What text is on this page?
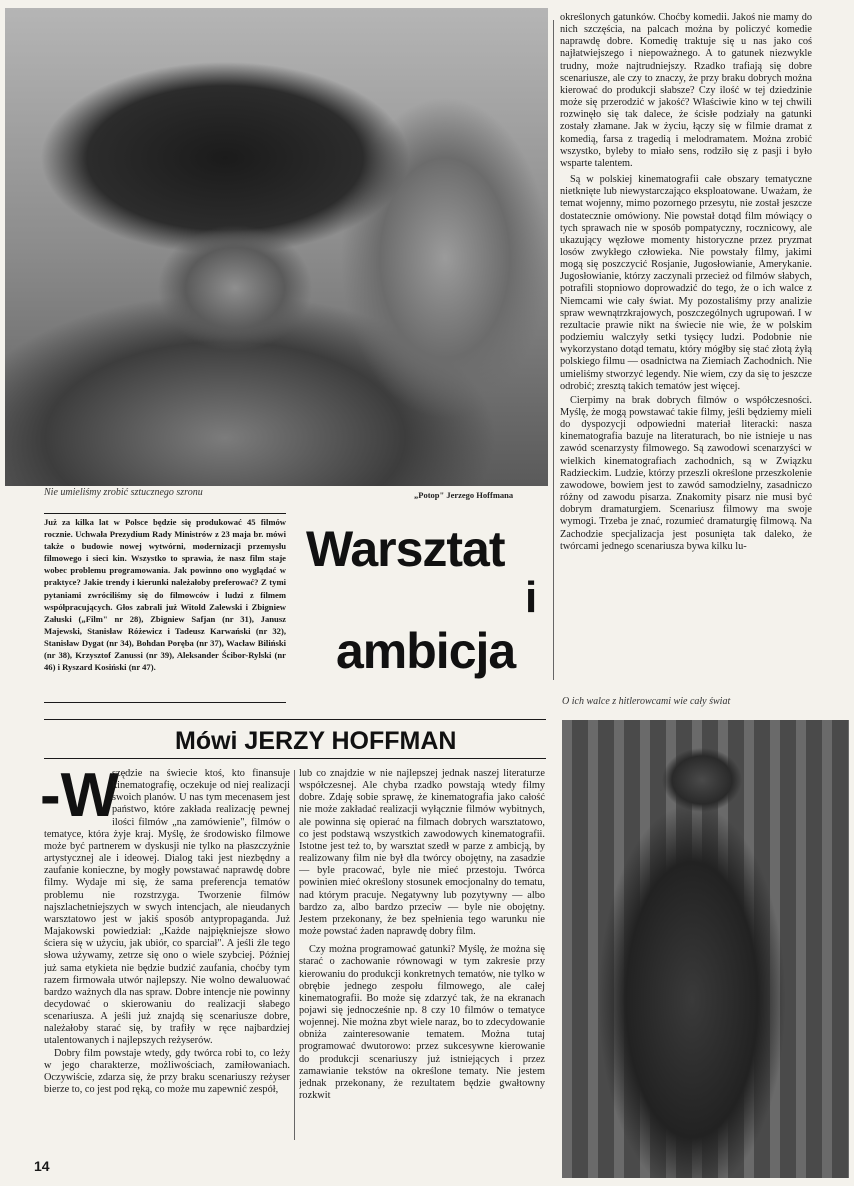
Nie umieliśmy zrobić sztucznego szronu	„Potop" Jerzego Hoffmana
Już za kilka lat w Polsce będzie się produkować 45 filmów rocznie. Uchwała Prezydium Rady Ministrów z 23 maja br. mówi także o budowie nowej wytwórni, modernizacji przemysłu filmowego i sieci kin. Wszystko to sprawia, że nasz film staje wobec problemu programowania. Jak powinno ono wyglądać w praktyce? Jakie trendy i kierunki należałoby preferować? Z tymi pytaniami zwróciliśmy się do filmowców i ludzi z filmem współpracujących. Głos zabrali już Witold Zalewski i Zbigniew Załuski („Film" nr 28), Zbigniew Safjan (nr 31), Janusz Majewski, Stanisław Różewicz i Tadeusz Karwański (nr 32), Stanisław Dygat (nr 34), Bohdan Poręba (nr 37), Wacław Biliński (nr 38), Krzysztof Zanussi (nr 39), Aleksander Ścibor-Rylski (nr 46) i Ryszard Kosiński (nr 47).
Warsztat
i
ambicja
Mówi JERZY HOFFMAN
-W

szędzie na świecie ktoś, kto finansuje kinematografię, oczekuje od niej realizacji swoich planów. U nas tym mecenasem jest państwo, które zakłada realizację pewnej ilości filmów „na zamówienie", filmów o tematyce, która żyje kraj. Myślę, że środowisko filmowe może być partnerem w dyskusji nie tylko na płaszczyźnie artystycznej ale i ideowej. Dialog taki jest niezbędny a zaufanie konieczne, by mogły powstawać naprawdę dobre filmy. Wydaje mi się, że sama preferencja tematów problemu nie rozstrzyga. Tworzenie filmów najszlachetniejszych w swych intencjach, ale nieudanych warsztatowo jest w jakiś sposób antypropaganda. Już Majakowski powiedział: „Każde najpiękniejsze słowo ściera się w użyciu, jak ubiór, co sparciał". A jeśli źle tego słowa używamy, zetrze się ono o wiele szybciej. Później już sama etykieta nie będzie budzić zaufania, choćby tym razem firmowała utwór najlepszy. Nie wolno dewaluować bardzo ważnych dla nas spraw. Dobre intencje nie powinny decydować o skierowaniu do realizacji słabego scenariusza. A jeśli już znajdą się scenariusze dobre, należałoby starać się, by trafiły w ręce najbardziej utalentowanych i najlepszych reżyserów.

Dobry film powstaje wtedy, gdy twórca robi to, co leży w jego charakterze, możliwościach, zamiłowaniach. Oczywiście, zdarza się, że przy braku scenariuszy reżyser bierze to, co jest pod ręką, co może mu zapewnić zespół,

lub co znajdzie w nie najlepszej jednak naszej literaturze współczesnej. Ale chyba rzadko powstają wtedy filmy dobre. Zdaję sobie sprawę, że kinematografia jako całość nie może zakładać realizacji wyłącznie filmów wybitnych, ale powinna się opierać na filmach dobrych warsztatowo, co jest podstawą wszystkich zawodowych kinematografii. Istotne jest też to, by warsztat szedł w parze z ambicją, by realizowany film nie był dla twórcy obojętny, na zasadzie — byle pracować, byle nie mieć przestoju. Twórca powinien mieć określony stosunek emocjonalny do tematu, nad którym pracuje. Negatywny lub pozytywny — albo bardzo za, albo bardzo przeciw — byle nie obojętny. Jestem przekonany, że bez spełnienia tego warunku nie może powstać żaden naprawdę dobry film.

Czy można programować gatunki? Myślę, że można się starać o zachowanie równowagi w tym zakresie przy kierowaniu do produkcji konkretnych tematów, nie tylko w obrębie jednego zespołu filmowego, ale całej kinematografii. Bo może się zdarzyć tak, że na ekranach pojawi się jednocześnie np. 8 czy 10 filmów o tematyce wojennej. Nie można zbyt wiele naraz, bo to zdecydowanie obniża zainteresowanie tematem. Można tutaj programować dwutorowo: przez sukcesywne kierowanie do produkcji scenariuszy już istniejących i przez zamawianie tekstów na określone tematy. Nie jestem jednak przekonany, że rezultatem będzie gwałtowny rozkwit

określonych gatunków. Choćby komedii. Jakoś nie mamy do nich szczęścia, na palcach można by policzyć komedie naprawdę dobre. Komedię traktuje się u nas jako coś najłatwiejszego i niepoważnego. A to gatunek niezwykle trudny, może najtrudniejszy. Rzadko trafiają się dobre scenariusze, ale czy to znaczy, że przy braku dobrych można kierować do produkcji słabsze? Czy ilość w tej dziedzinie może się przerodzić w jakość? Właściwie kino w tej chwili rozwinęło się tak dalece, że ścisłe podziały na gatunki zostały złamane. Jak w życiu, łączy się w filmie dramat z komedią, farsa z tragedią i melodramatem. Można zrobić wszystko, byleby to miało sens, rodziło się z pasji i było wsparte talentem.

Są w polskiej kinematografii całe obszary tematyczne nietknięte lub niewystarczająco eksploatowane. Uważam, że temat wojenny, mimo pozornego przesytu, nie został jeszcze dostatecznie omówiony. Nie powstał dotąd film mówiący o tych sprawach nie w sposób pompatyczny, rocznicowy, ale ukazujący węzłowe momenty historyczne przez pryzmat losów zwykłego człowieka. Nie powstały filmy, jakimi mogą się poszczycić Rosjanie, Jugosłowianie, Amerykanie. Jugosłowianie, którzy zaczynali przecież od filmów słabych, potrafili stopniowo doprowadzić do tego, że o ich walce z Niemcami wie cały świat. My pozostaliśmy przy analizie spraw wewnątrzkrajowych, poszczególnych ugrupowań. I w rezultacie prawie nikt na świecie nie wie, że w polskim podziemiu walczyły setki tysięcy ludzi. Podobnie nie wykorzystano dotąd tematu, który mógłby się stać złotą żyłą polskiego filmu — osadnictwa na Ziemiach Zachodnich. Nie umieliśmy stworzyć legendy. Nie wiem, czy da się to jeszcze odrobić; zresztą takich tematów jest więcej.

Cierpimy na brak dobrych filmów o współczesności. Myślę, że mogą powstawać takie filmy, jeśli będziemy mieli do dyspozycji odpowiedni materiał literacki: nasza kinematografia bazuje na literaturach, bo nie istnieje u nas zawód scenarzysty filmowego. Są zawodowi scenarzyści w wielkich kinematografiach zachodnich, są w Związku Radzieckim. Ludzie, którzy przeszli określone przeszkolenie zawodowe, bowiem jest to zawód samodzielny, zasadniczo różny od zawodu pisarza. Znakomity pisarz nie musi być dobrym dramaturgiem. Scenariusz filmowy ma swoje wymogi. Trzeba je znać, rozumieć dramaturgię filmową. Na Zachodzie specjalizacja jest posunięta tak daleko, że twórcami jednego scenariusza bywa kilku lu-

O ich walce z hitlerowcami wie cały świat
14
